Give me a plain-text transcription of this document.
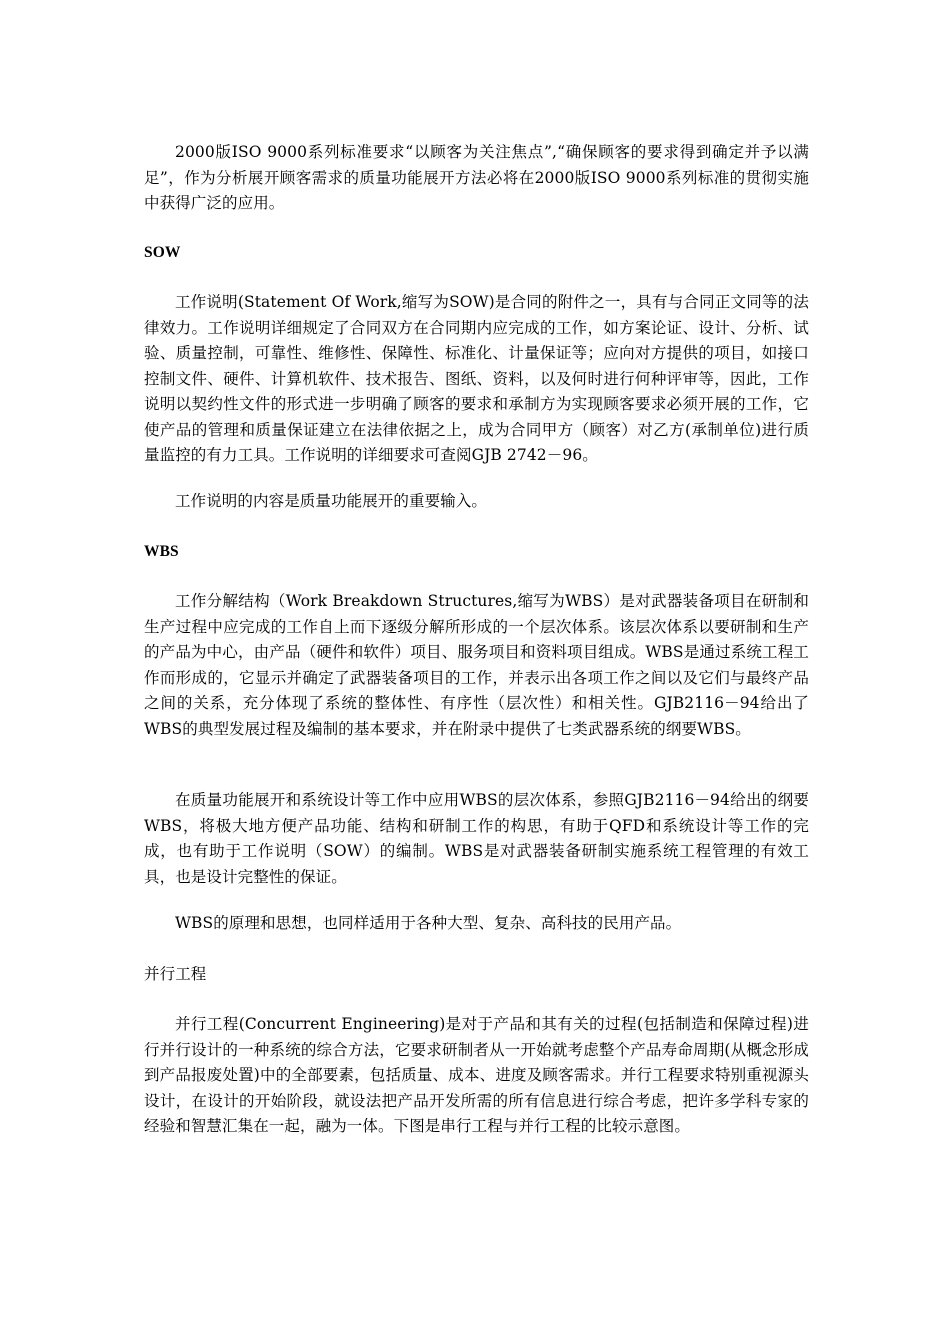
2000版ISO 9000系列标准要求“以顾客为关注焦点”,“确保顾客的要求得到确定并予以满足”，作为分析展开顾客需求的质量功能展开方法必将在2000版ISO 9000系列标准的贯彻实施中获得广泛的应用。
SOW
工作说明(Statement Of Work,缩写为SOW)是合同的附件之一，具有与合同正文同等的法律效力。工作说明详细规定了合同双方在合同期内应完成的工作，如方案论证、设计、分析、试验、质量控制，可靠性、维修性、保障性、标准化、计量保证等；应向对方提供的项目，如接口控制文件、硬件、计算机软件、技术报告、图纸、资料，以及何时进行何种评审等，因此，工作说明以契约性文件的形式进一步明确了顾客的要求和承制方为实现顾客要求必须开展的工作，它使产品的管理和质量保证建立在法律依据之上，成为合同甲方（顾客）对乙方(承制单位)进行质量监控的有力工具。工作说明的详细要求可查阅GJB 2742－96。
工作说明的内容是质量功能展开的重要输入。
WBS
工作分解结构（Work Breakdown Structures,缩写为WBS）是对武器装备项目在研制和生产过程中应完成的工作自上而下逐级分解所形成的一个层次体系。该层次体系以要研制和生产的产品为中心，由产品（硬件和软件）项目、服务项目和资料项目组成。WBS是通过系统工程工作而形成的，它显示并确定了武器装备项目的工作，并表示出各项工作之间以及它们与最终产品之间的关系，充分体现了系统的整体性、有序性（层次性）和相关性。GJB2116－94给出了WBS的典型发展过程及编制的基本要求，并在附录中提供了七类武器系统的纲要WBS。
在质量功能展开和系统设计等工作中应用WBS的层次体系，参照GJB2116－94给出的纲要WBS，将极大地方便产品功能、结构和研制工作的构思，有助于QFD和系统设计等工作的完成，也有助于工作说明（SOW）的编制。WBS是对武器装备研制实施系统工程管理的有效工具，也是设计完整性的保证。
WBS的原理和思想，也同样适用于各种大型、复杂、高科技的民用产品。
并行工程
并行工程(Concurrent Engineering)是对于产品和其有关的过程(包括制造和保障过程)进行并行设计的一种系统的综合方法，它要求研制者从一开始就考虑整个产品寿命周期(从概念形成到产品报废处置)中的全部要素，包括质量、成本、进度及顾客需求。并行工程要求特别重视源头设计，在设计的开始阶段，就设法把产品开发所需的所有信息进行综合考虑，把许多学科专家的经验和智慧汇集在一起，融为一体。下图是串行工程与并行工程的比较示意图。
